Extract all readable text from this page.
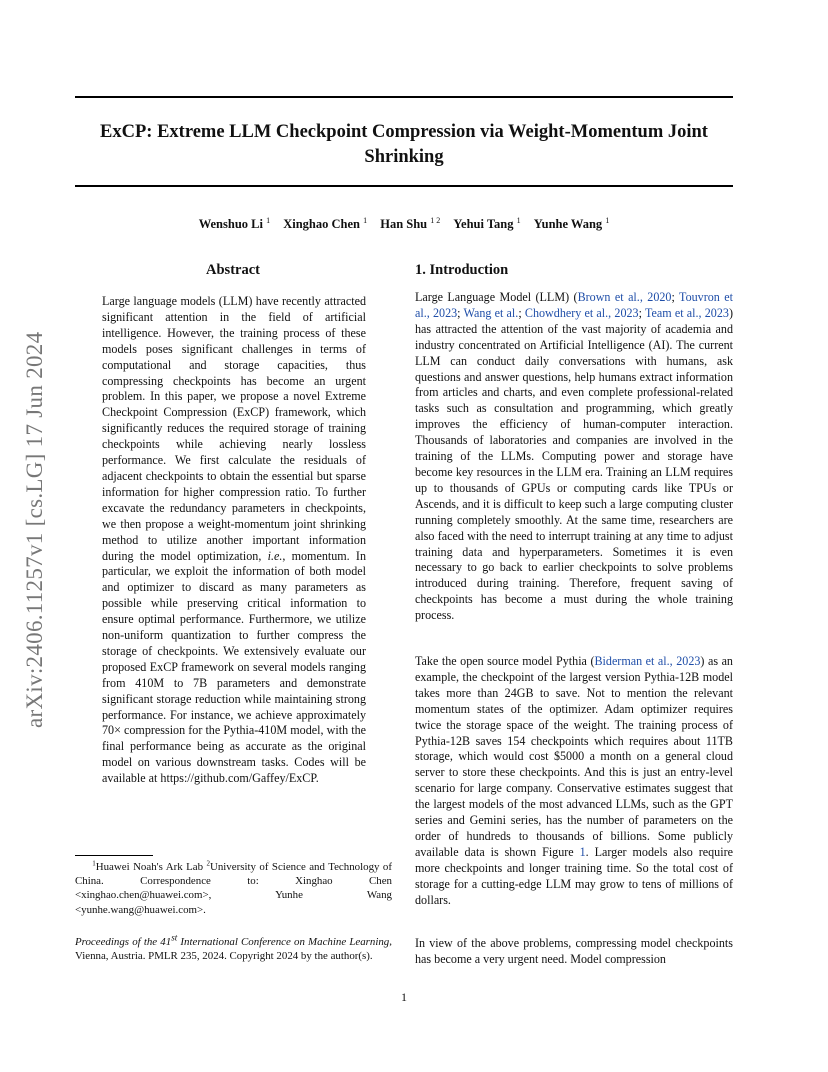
ExCP: Extreme LLM Checkpoint Compression via Weight-Momentum Joint Shrinking
Wenshuo Li $^1$ Xinghao Chen $^1$ Han Shu $^{1 2}$ Yehui Tang $^1$ Yunhe Wang $^1$
arXiv:2406.11257v1 [cs.LG] 17 Jun 2024
Abstract
Large language models (LLM) have recently attracted significant attention in the field of artificial intelligence. However, the training process of these models poses significant challenges in terms of computational and storage capacities, thus compressing checkpoints has become an urgent problem. In this paper, we propose a novel Extreme Checkpoint Compression (ExCP) framework, which significantly reduces the required storage of training checkpoints while achieving nearly lossless performance. We first calculate the residuals of adjacent checkpoints to obtain the essential but sparse information for higher compression ratio. To further excavate the redundancy parameters in checkpoints, we then propose a weight-momentum joint shrinking method to utilize another important information during the model optimization, i.e., momentum. In particular, we exploit the information of both model and optimizer to discard as many parameters as possible while preserving critical information to ensure optimal performance. Furthermore, we utilize non-uniform quantization to further compress the storage of checkpoints. We extensively evaluate our proposed ExCP framework on several models ranging from 410M to 7B parameters and demonstrate significant storage reduction while maintaining strong performance. For instance, we achieve approximately 70× compression for the Pythia-410M model, with the final performance being as accurate as the original model on various downstream tasks. Codes will be available at https://github.com/Gaffey/ExCP.
1. Introduction
Large Language Model (LLM) (Brown et al., 2020; Touvron et al., 2023; Wang et al.; Chowdhery et al., 2023; Team et al., 2023) has attracted the attention of the vast majority of academia and industry concentrated on Artificial Intelligence (AI). The current LLM can conduct daily conversations with humans, ask questions and answer questions, help humans extract information from articles and charts, and even complete professional-related tasks such as consultation and programming, which greatly improves the efficiency of human-computer interaction. Thousands of laboratories and companies are involved in the training of the LLMs. Computing power and storage have become key resources in the LLM era. Training an LLM requires up to thousands of GPUs or computing cards like TPUs or Ascends, and it is difficult to keep such a large computing cluster running completely smoothly. At the same time, researchers are also faced with the need to interrupt training at any time to adjust training data and hyperparameters. Sometimes it is even necessary to go back to earlier checkpoints to solve problems introduced during training. Therefore, frequent saving of checkpoints has become a must during the whole training process.
Take the open source model Pythia (Biderman et al., 2023) as an example, the checkpoint of the largest version Pythia-12B model takes more than 24GB to save. Not to mention the relevant momentum states of the optimizer. Adam optimizer requires twice the storage space of the weight. The training process of Pythia-12B saves 154 checkpoints which requires about 11TB storage, which would cost $5000 a month on a general cloud server to store these checkpoints. And this is just an entry-level scenario for large company. Conservative estimates suggest that the largest models of the most advanced LLMs, such as the GPT series and Gemini series, has the number of parameters on the order of hundreds to thousands of billions. Some publicly available data is shown Figure 1. Larger models also require more checkpoints and longer training time. So the total cost of storage for a cutting-edge LLM may grow to tens of millions of dollars.
In view of the above problems, compressing model checkpoints has become a very urgent need. Model compression
$^1$Huawei Noah's Ark Lab $^2$University of Science and Technology of China. Correspondence to: Xinghao Chen <xinghao.chen@huawei.com>, Yunhe Wang <yunhe.wang@huawei.com>.
Proceedings of the 41st International Conference on Machine Learning, Vienna, Austria. PMLR 235, 2024. Copyright 2024 by the author(s).
1
